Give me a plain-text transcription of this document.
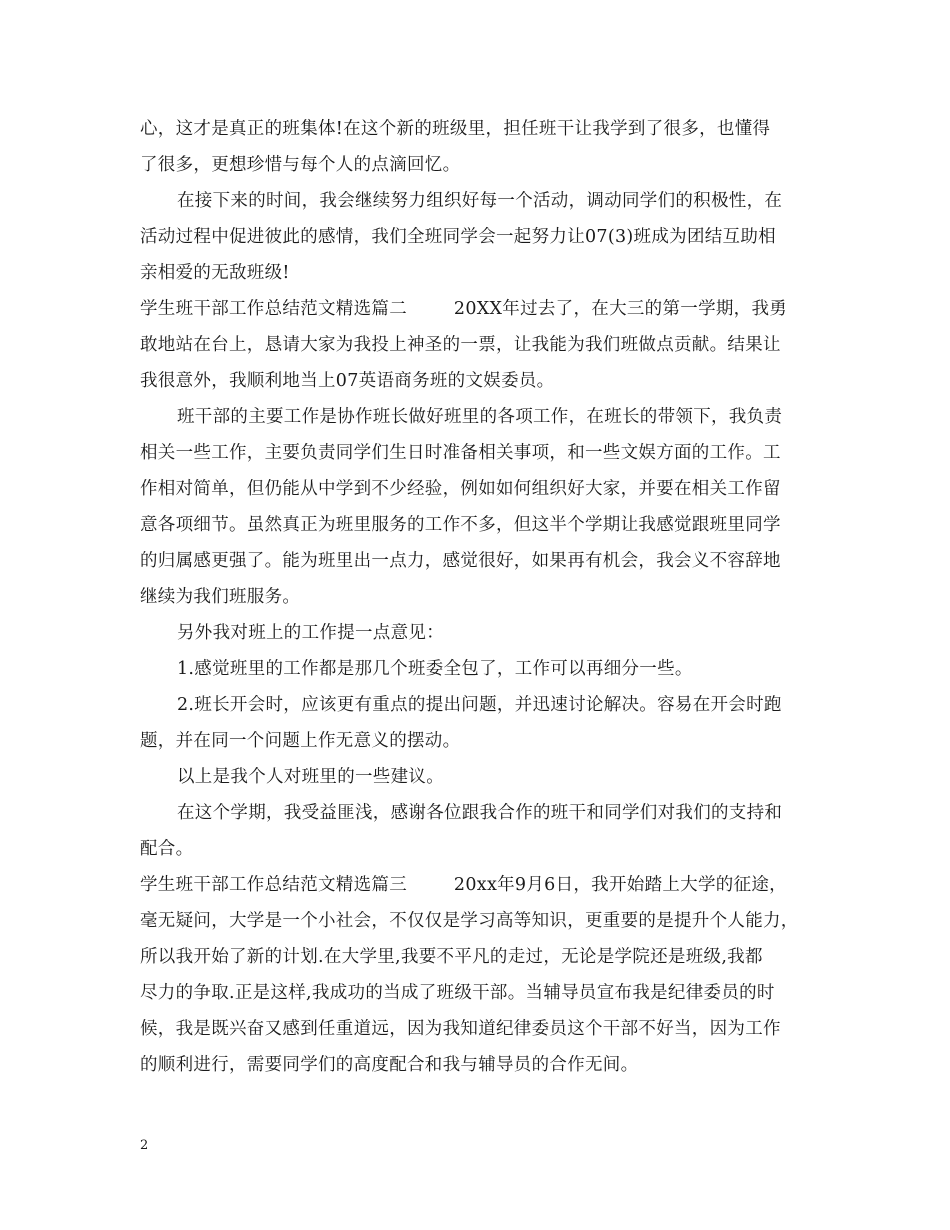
心，这才是真正的班集体!在这个新的班级里，担任班干让我学到了很多，也懂得
了很多，更想珍惜与每个人的点滴回忆。
在接下来的时间，我会继续努力组织好每一个活动，调动同学们的积极性，在
活动过程中促进彼此的感情，我们全班同学会一起努力让07(3)班成为团结互助相
亲相爱的无敌班级!
学生班干部工作总结范文精选篇二        20XX年过去了，在大三的第一学期，我勇
敢地站在台上，恳请大家为我投上神圣的一票，让我能为我们班做点贡献。结果让
我很意外，我顺利地当上07英语商务班的文娱委员。
班干部的主要工作是协作班长做好班里的各项工作，在班长的带领下，我负责
相关一些工作，主要负责同学们生日时准备相关事项，和一些文娱方面的工作。工
作相对简单，但仍能从中学到不少经验，例如如何组织好大家，并要在相关工作留
意各项细节。虽然真正为班里服务的工作不多，但这半个学期让我感觉跟班里同学
的归属感更强了。能为班里出一点力，感觉很好，如果再有机会，我会义不容辞地
继续为我们班服务。
另外我对班上的工作提一点意见：
1.感觉班里的工作都是那几个班委全包了，工作可以再细分一些。
2.班长开会时，应该更有重点的提出问题，并迅速讨论解决。容易在开会时跑
题，并在同一个问题上作无意义的摆动。
以上是我个人对班里的一些建议。
在这个学期，我受益匪浅，感谢各位跟我合作的班干和同学们对我们的支持和
配合。
学生班干部工作总结范文精选篇三        20xx年9月6日，我开始踏上大学的征途，
毫无疑问，大学是一个小社会，不仅仅是学习高等知识，更重要的是提升个人能力，
所以我开始了新的计划.在大学里,我要不平凡的走过，无论是学院还是班级,我都
尽力的争取.正是这样,我成功的当成了班级干部。当辅导员宣布我是纪律委员的时
候，我是既兴奋又感到任重道远，因为我知道纪律委员这个干部不好当，因为工作
的顺利进行，需要同学们的高度配合和我与辅导员的合作无间。
2
